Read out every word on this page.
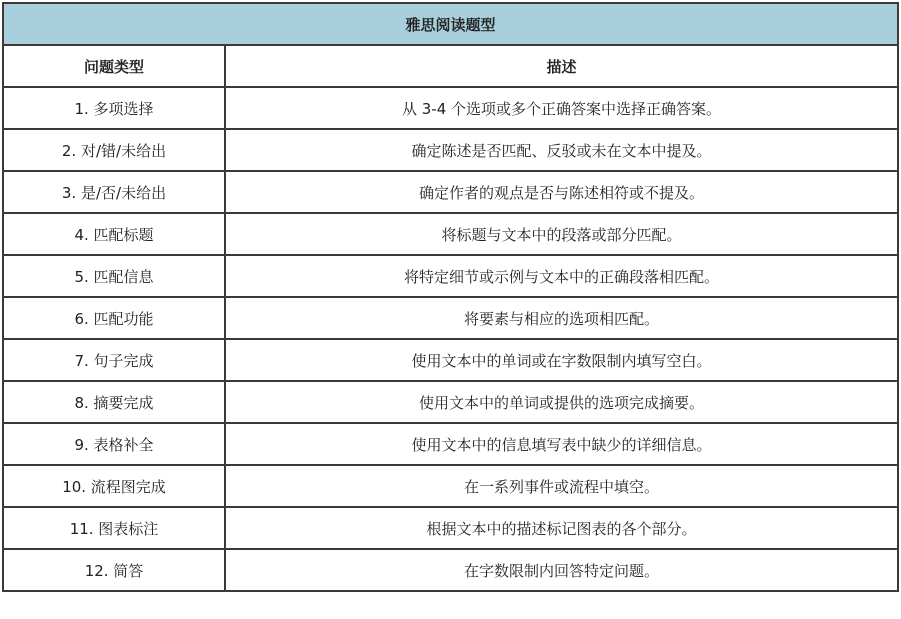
雅思阅读题型	
问题类型	描述
1. 多项选择	从 3-4 个选项或多个正确答案中选择正确答案。
2. 对/错/未给出	确定陈述是否匹配、反驳或未在文本中提及。
3. 是/否/未给出	确定作者的观点是否与陈述相符或不提及。
4. 匹配标题	将标题与文本中的段落或部分匹配。
5. 匹配信息	将特定细节或示例与文本中的正确段落相匹配。
6. 匹配功能	将要素与相应的选项相匹配。
7. 句子完成	使用文本中的单词或在字数限制内填写空白。
8. 摘要完成	使用文本中的单词或提供的选项完成摘要。
9. 表格补全	使用文本中的信息填写表中缺少的详细信息。
10. 流程图完成	在一系列事件或流程中填空。
11. 图表标注	根据文本中的描述标记图表的各个部分。
12. 简答	在字数限制内回答特定问题。
